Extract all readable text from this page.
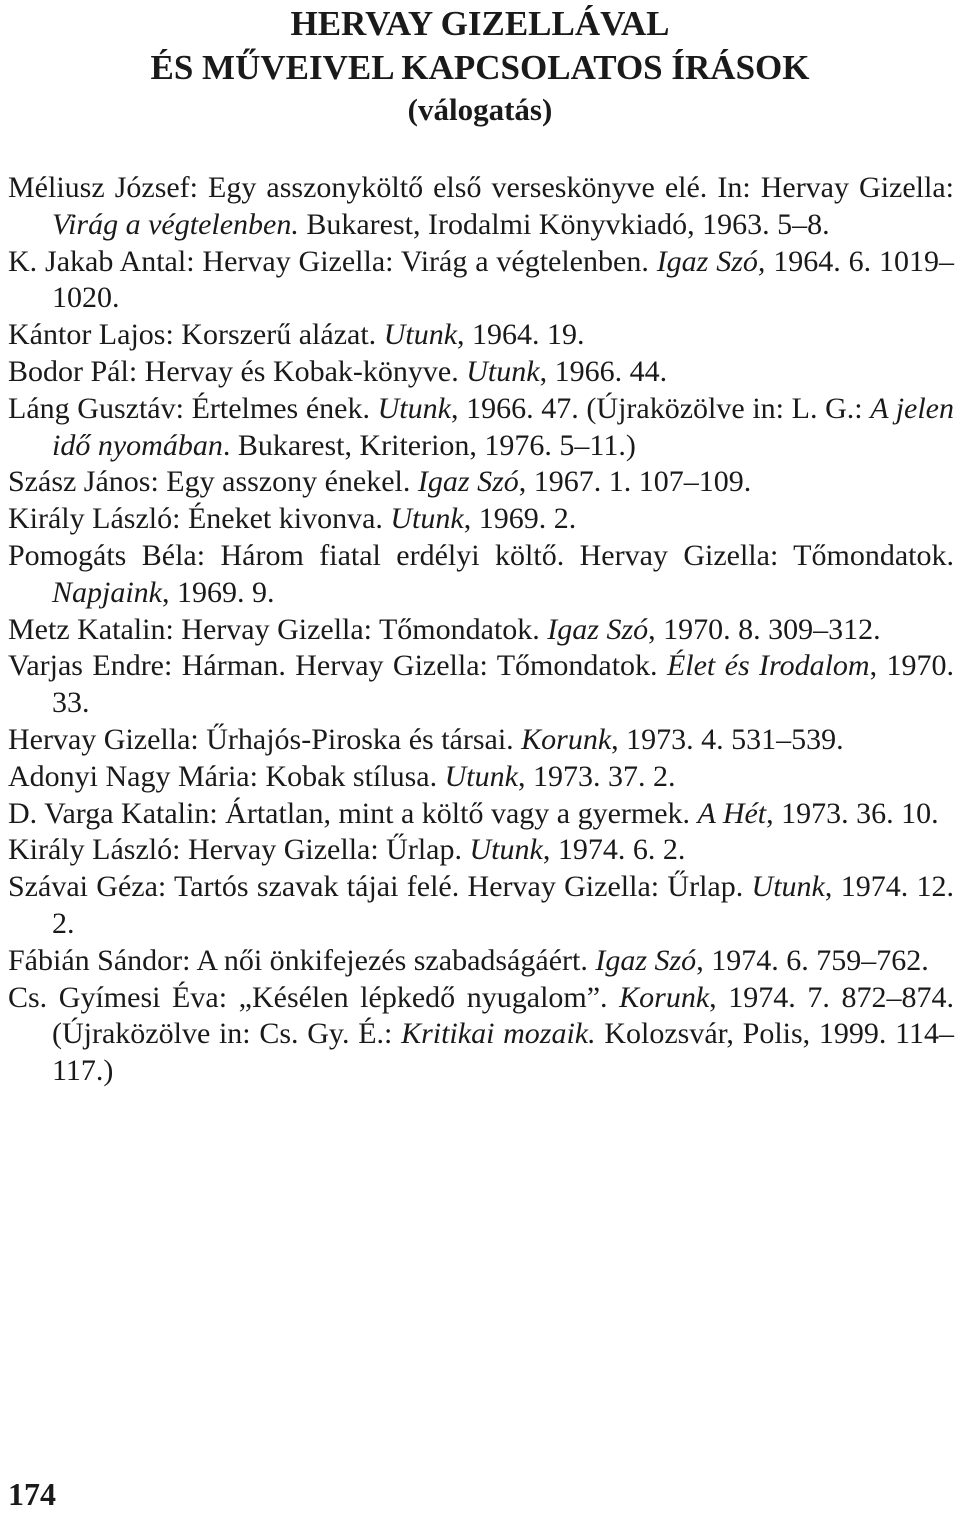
HERVAY GIZELLÁVAL
ÉS MŰVEIVEL KAPCSOLATOS ÍRÁSOK
(válogatás)
Méliusz József: Egy asszonyköltő első verseskönyve elé. In: Hervay Gizella: Virág a végtelenben. Bukarest, Irodalmi Könyvkiadó, 1963. 5–8.
K. Jakab Antal: Hervay Gizella: Virág a végtelenben. Igaz Szó, 1964. 6. 1019–1020.
Kántor Lajos: Korszerű alázat. Utunk, 1964. 19.
Bodor Pál: Hervay és Kobak-könyve. Utunk, 1966. 44.
Láng Gusztáv: Értelmes ének. Utunk, 1966. 47. (Újraközölve in: L. G.: A jelen idő nyomában. Bukarest, Kriterion, 1976. 5–11.)
Szász János: Egy asszony énekel. Igaz Szó, 1967. 1. 107–109.
Király László: Éneket kivonva. Utunk, 1969. 2.
Pomogáts Béla: Három fiatal erdélyi költő. Hervay Gizella: Tőmondatok. Napjaink, 1969. 9.
Metz Katalin: Hervay Gizella: Tőmondatok. Igaz Szó, 1970. 8. 309–312.
Varjas Endre: Hárman. Hervay Gizella: Tőmondatok. Élet és Irodalom, 1970. 33.
Hervay Gizella: Űrhajós-Piroska és társai. Korunk, 1973. 4. 531–539.
Adonyi Nagy Mária: Kobak stílusa. Utunk, 1973. 37. 2.
D. Varga Katalin: Ártatlan, mint a költő vagy a gyermek. A Hét, 1973. 36. 10.
Király László: Hervay Gizella: Űrlap. Utunk, 1974. 6. 2.
Szávai Géza: Tartós szavak tájai felé. Hervay Gizella: Űrlap. Utunk, 1974. 12. 2.
Fábián Sándor: A női önkifejezés szabadságáért. Igaz Szó, 1974. 6. 759–762.
Cs. Gyímesi Éva: „Késélen lépkedő nyugalom”. Korunk, 1974. 7. 872–874. (Újraközölve in: Cs. Gy. É.: Kritikai mozaik. Kolozsvár, Polis, 1999. 114–117.)
174
